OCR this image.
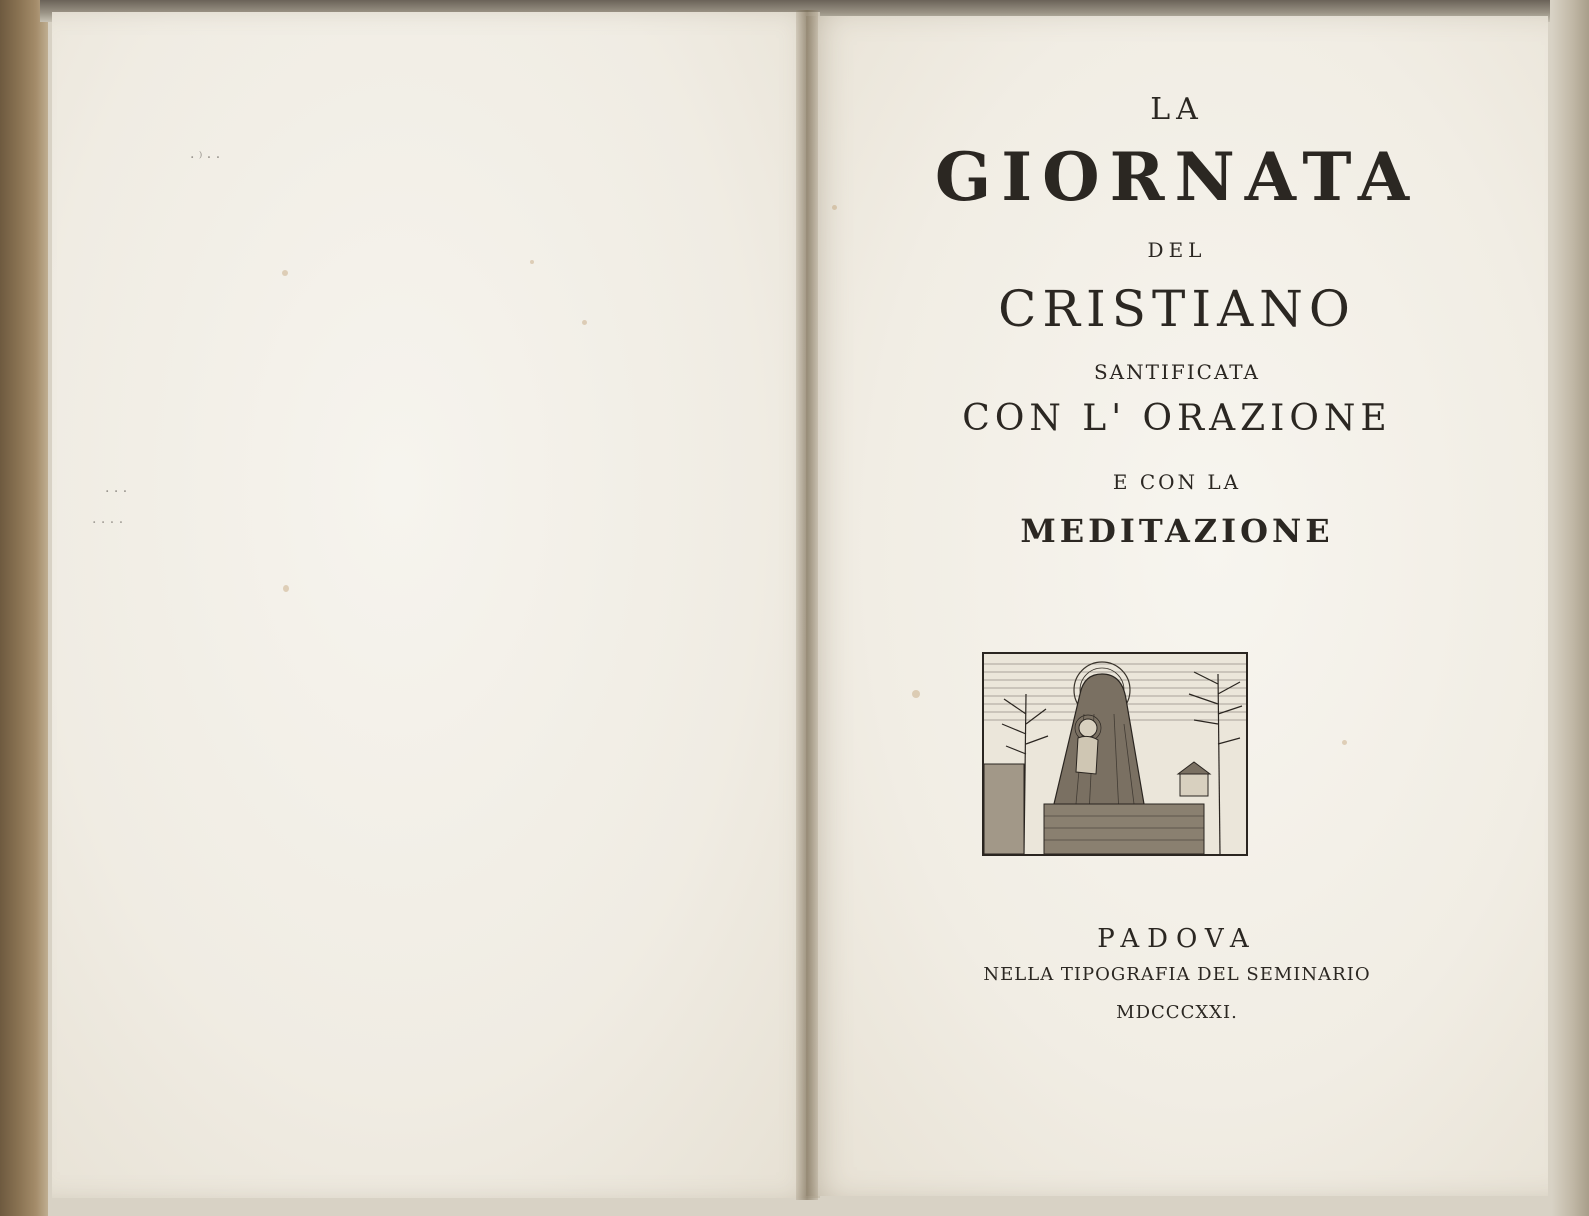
· ⁾ · ·
· · ·
· · · ·
LA
GIORNATA
DEL
CRISTIANO
SANTIFICATA
CON L' ORAZIONE
E CON LA
MEDITAZIONE
PADOVA
NELLA TIPOGRAFIA DEL SEMINARIO
MDCCCXXI.
